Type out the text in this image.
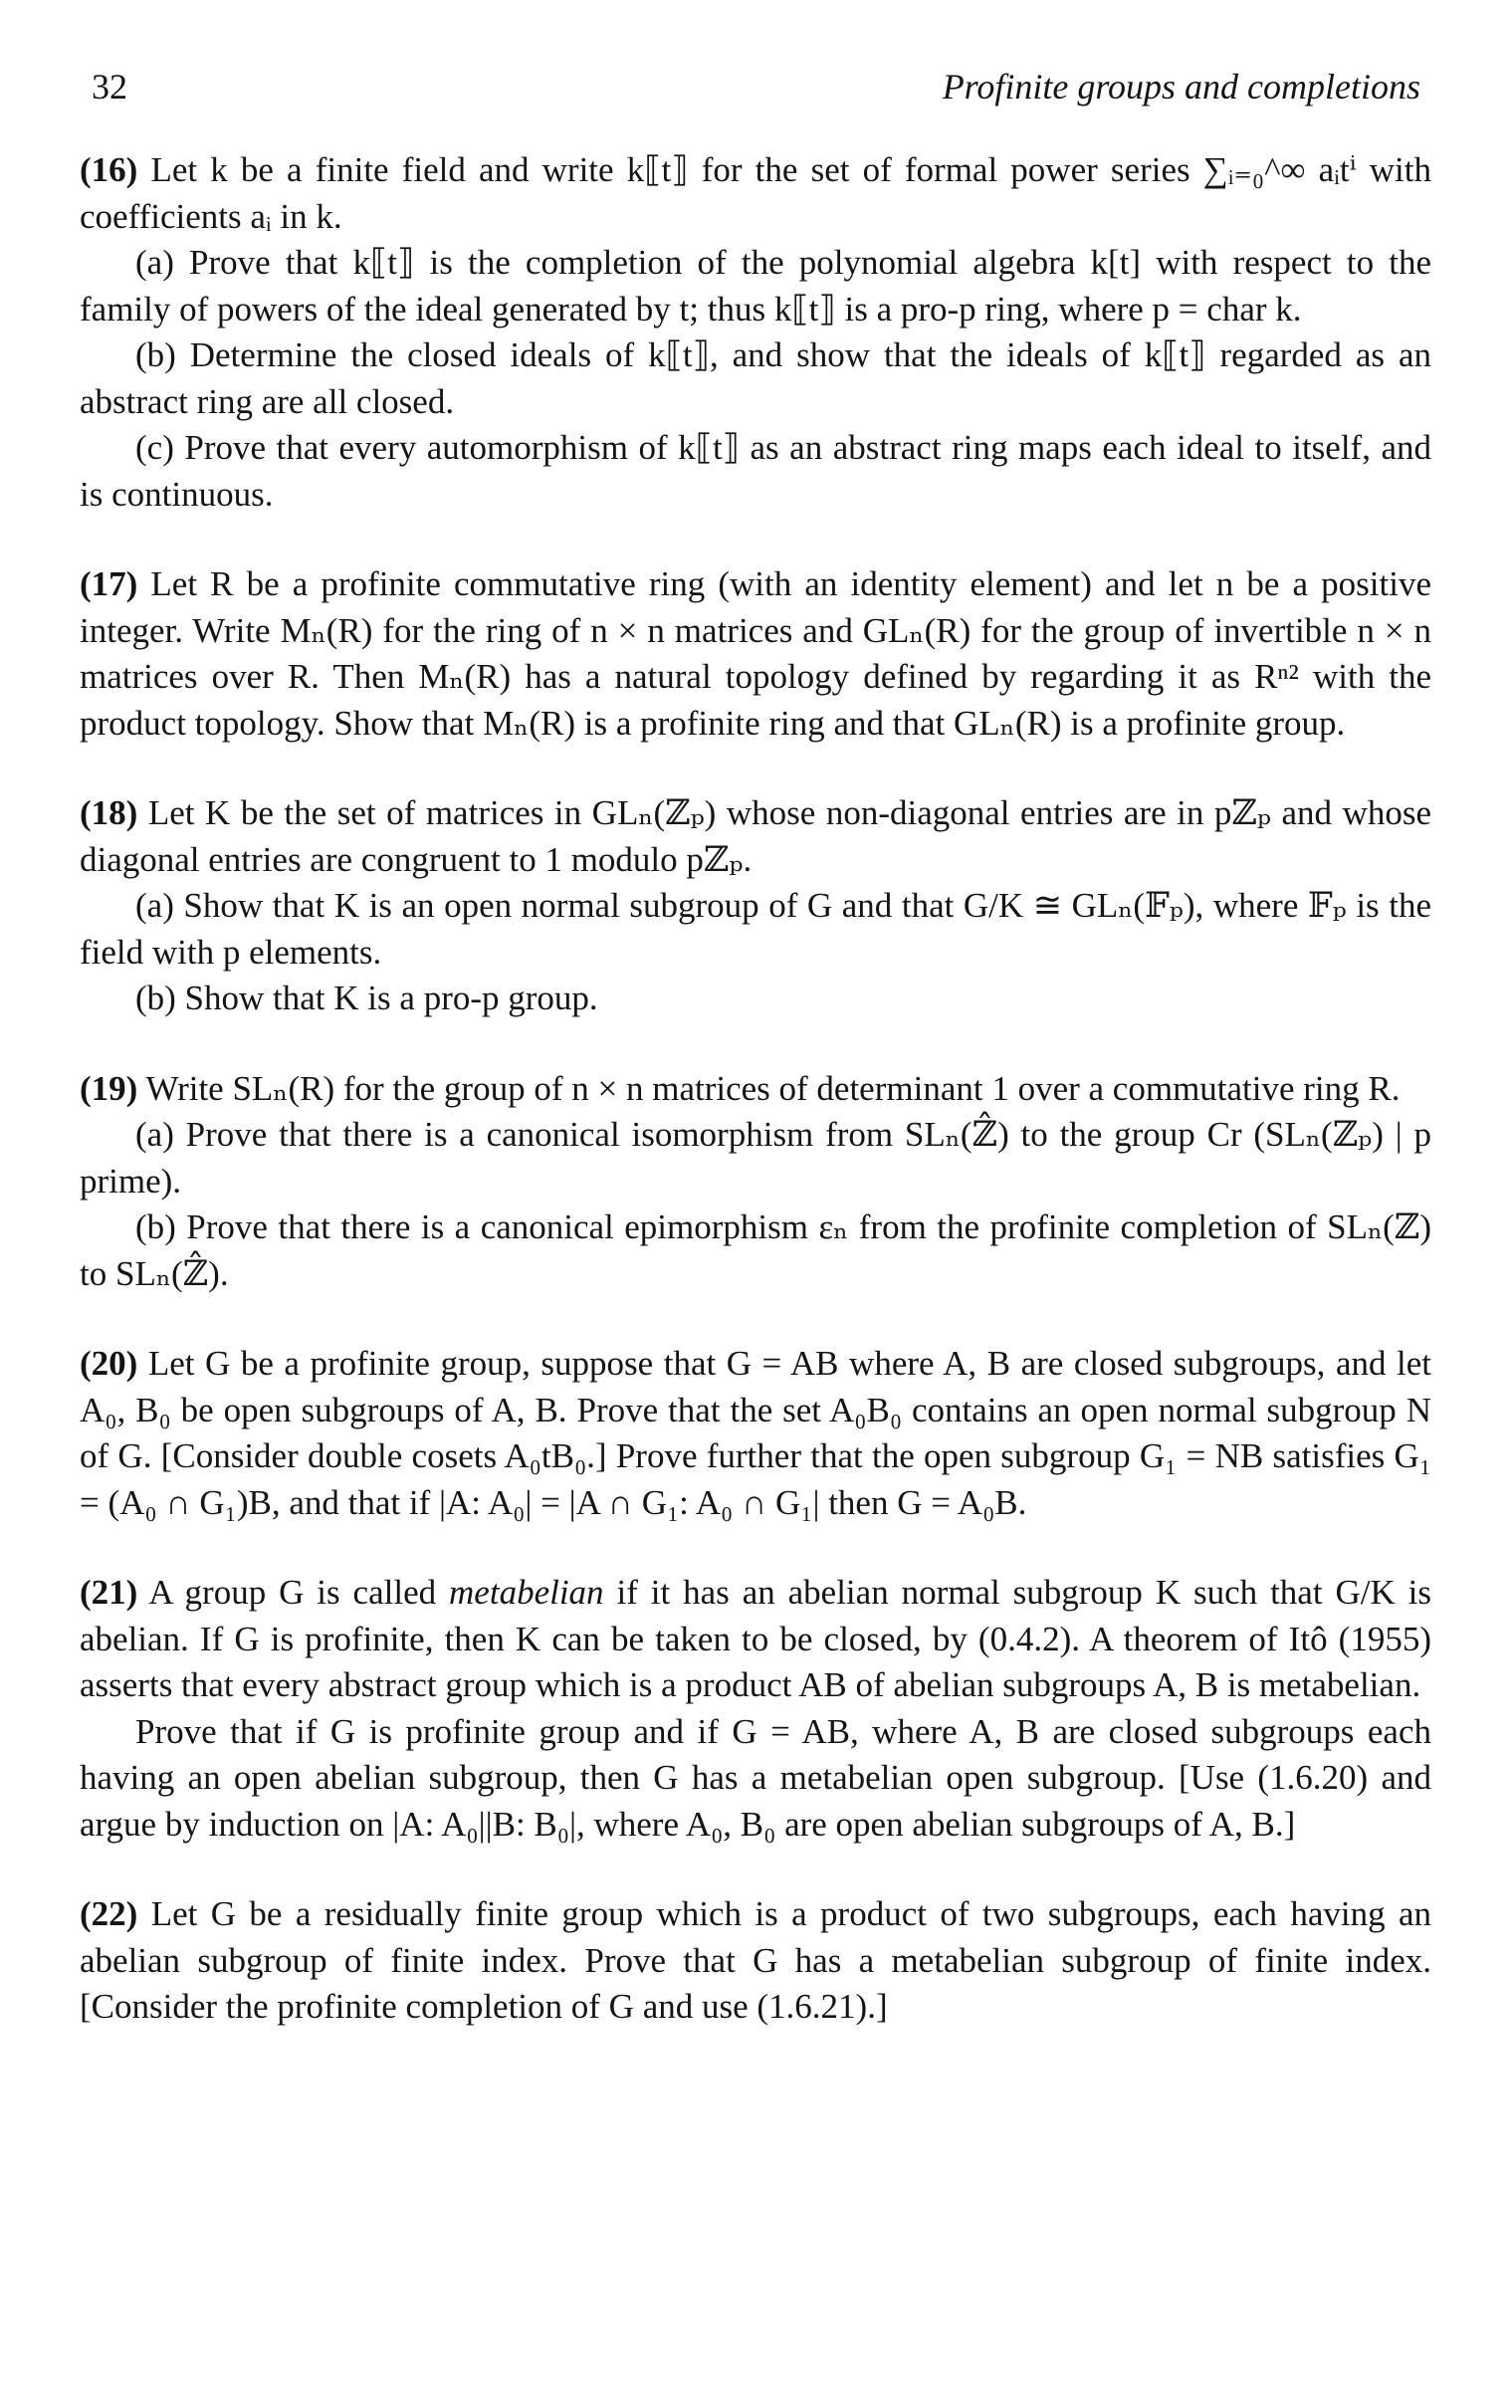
32	Profinite groups and completions

(16) Let k be a finite field and write k⟦t⟧ for the set of formal power series ∑ᵢ₌₀^∞ aᵢtⁱ with coefficients aᵢ in k.

(a) Prove that k⟦t⟧ is the completion of the polynomial algebra k[t] with respect to the family of powers of the ideal generated by t; thus k⟦t⟧ is a pro-p ring, where p = char k.

(b) Determine the closed ideals of k⟦t⟧, and show that the ideals of k⟦t⟧ regarded as an abstract ring are all closed.

(c) Prove that every automorphism of k⟦t⟧ as an abstract ring maps each ideal to itself, and is continuous.

(17) Let R be a profinite commutative ring (with an identity element) and let n be a positive integer. Write Mₙ(R) for the ring of n × n matrices and GLₙ(R) for the group of invertible n × n matrices over R. Then Mₙ(R) has a natural topology defined by regarding it as Rⁿ² with the product topology. Show that Mₙ(R) is a profinite ring and that GLₙ(R) is a profinite group.

(18) Let K be the set of matrices in GLₙ(ℤₚ) whose non-diagonal entries are in pℤₚ and whose diagonal entries are congruent to 1 modulo pℤₚ.

(a) Show that K is an open normal subgroup of G and that G/K ≅ GLₙ(𝔽ₚ), where 𝔽ₚ is the field with p elements.

(b) Show that K is a pro-p group.

(19) Write SLₙ(R) for the group of n × n matrices of determinant 1 over a commutative ring R.

(a) Prove that there is a canonical isomorphism from SLₙ(ℤ̂) to the group Cr (SLₙ(ℤₚ) | p prime).

(b) Prove that there is a canonical epimorphism εₙ from the profinite completion of SLₙ(ℤ) to SLₙ(ℤ̂).

(20) Let G be a profinite group, suppose that G = AB where A, B are closed subgroups, and let A₀, B₀ be open subgroups of A, B. Prove that the set A₀B₀ contains an open normal subgroup N of G. [Consider double cosets A₀tB₀.] Prove further that the open subgroup G₁ = NB satisfies G₁ = (A₀ ∩ G₁)B, and that if |A: A₀| = |A ∩ G₁: A₀ ∩ G₁| then G = A₀B.

(21) A group G is called metabelian if it has an abelian normal subgroup K such that G/K is abelian. If G is profinite, then K can be taken to be closed, by (0.4.2). A theorem of Itô (1955) asserts that every abstract group which is a product AB of abelian subgroups A, B is metabelian.

Prove that if G is profinite group and if G = AB, where A, B are closed subgroups each having an open abelian subgroup, then G has a metabelian open subgroup. [Use (1.6.20) and argue by induction on |A: A₀||B: B₀|, where A₀, B₀ are open abelian subgroups of A, B.]

(22) Let G be a residually finite group which is a product of two subgroups, each having an abelian subgroup of finite index. Prove that G has a metabelian subgroup of finite index. [Consider the profinite completion of G and use (1.6.21).]
